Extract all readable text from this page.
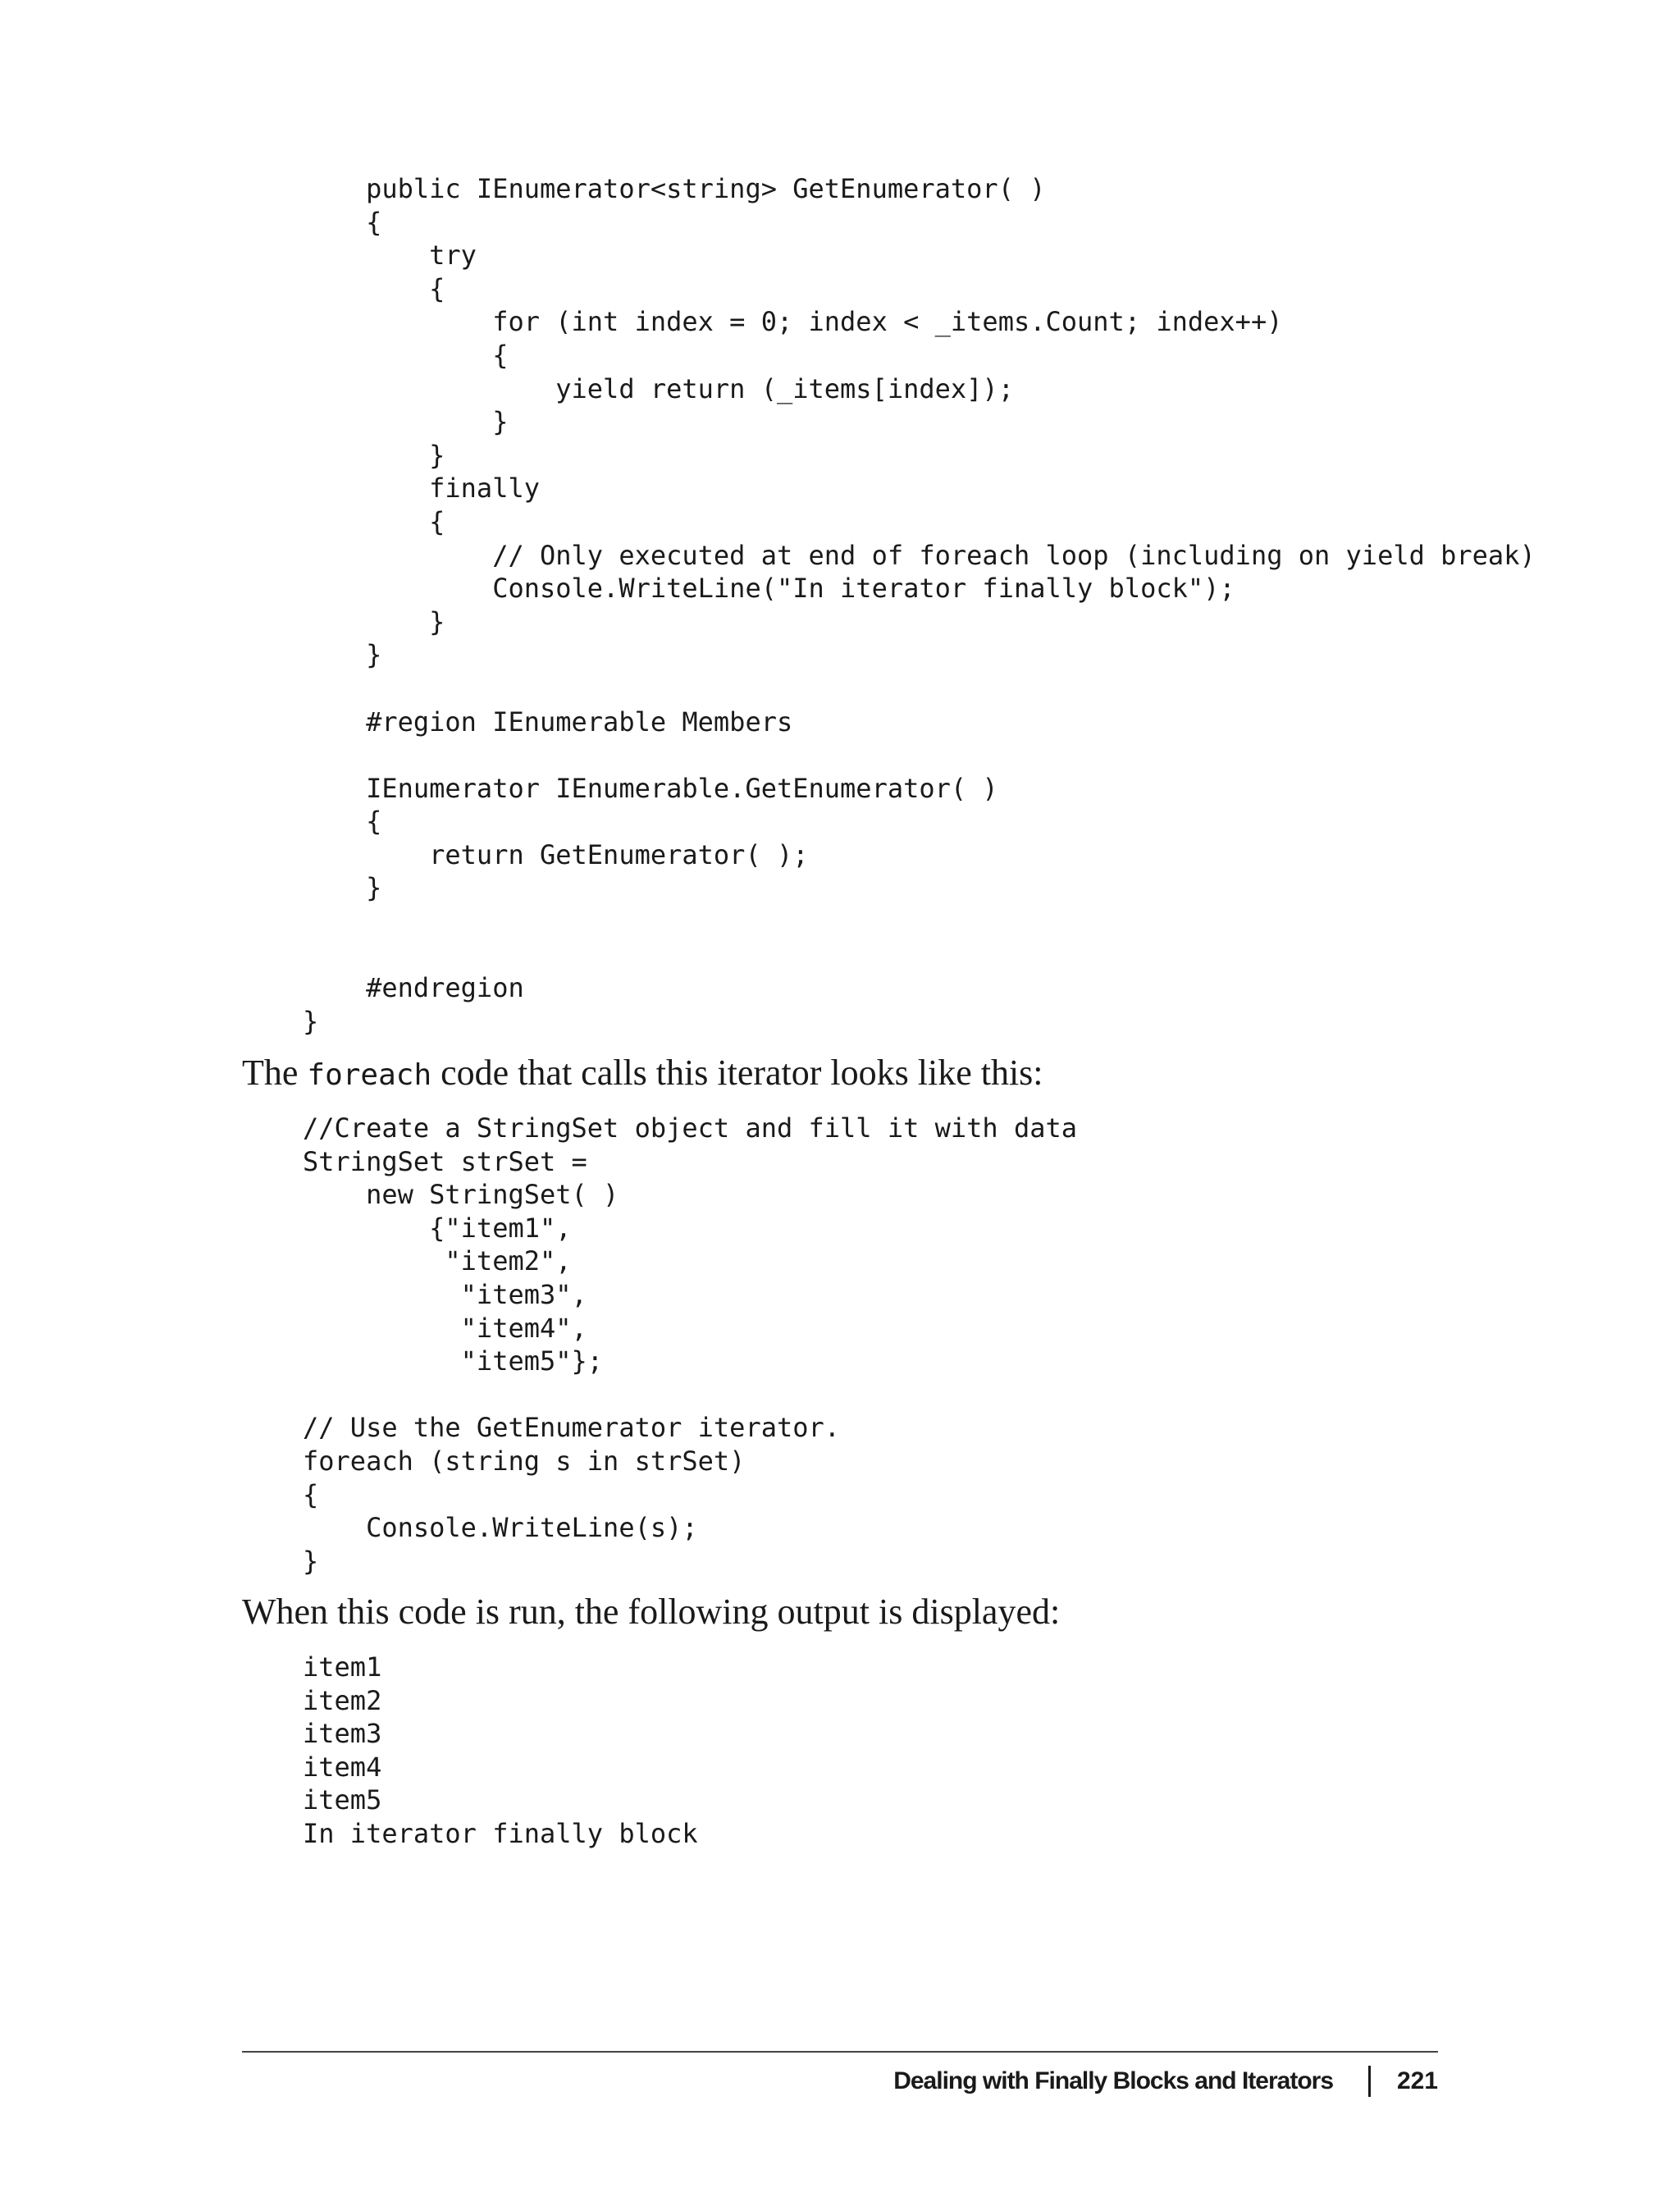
public IEnumerator<string> GetEnumerator( )
{
try
{
for (int index = 0; index < _items.Count; index++)
{
yield return (_items[index]);
}
}
finally
{
// Only executed at end of foreach loop (including on yield break)
Console.WriteLine("In iterator finally block");
}
}
#region IEnumerable Members
IEnumerator IEnumerable.GetEnumerator( )
{
return GetEnumerator( );
}
#endregion
}

The foreach code that calls this iterator looks like this:

//Create a StringSet object and fill it with data
StringSet strSet =
new StringSet( )
{"item1",
"item2",
"item3",
"item4",
"item5"};
// Use the GetEnumerator iterator.
foreach (string s in strSet)
{
Console.WriteLine(s);
}

When this code is run, the following output is displayed:

item1
item2
item3
item4
item5
In iterator finally block
Dealing with Finally Blocks and Iterators	221
